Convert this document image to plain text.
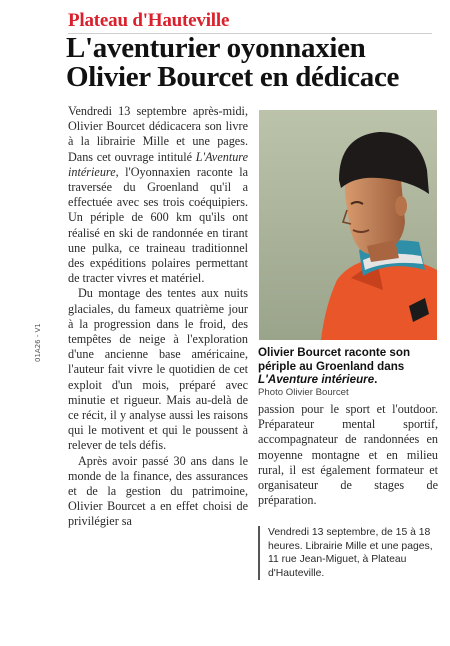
Plateau d'Hauteville
L'aventurier oyonnaxien
Olivier Bourcet en dédicace
01A26 - V1

Vendredi 13 septembre après-midi, Olivier Bourcet dédicacera son livre à la librairie Mille et une pages. Dans cet ouvrage intitulé L'Aventure intérieure, l'Oyonnaxien raconte la traversée du Groenland qu'il a effectuée avec ses trois coéquipiers. Un périple de 600 km qu'ils ont réalisé en ski de randonnée en tirant une pulka, ce traineau traditionnel des expéditions polaires permettant de tracter vivres et matériel.

Du montage des tentes aux nuits glaciales, du fameux quatrième jour à la progression dans le froid, des tempêtes de neige à l'exploration d'une ancienne base américaine, l'auteur fait vivre le quotidien de cet exploit d'un mois, préparé avec minutie et rigueur. Mais au-delà de ce récit, il y analyse aussi les raisons qui le motivent et qui le poussent à relever de tels défis.

Après avoir passé 30 ans dans le monde de la finance, des assurances et de la gestion du patrimoine, Olivier Bourcet a en effet choisi de privilégier sa

Olivier Bourcet raconte son périple au Groenland dans L'Aventure intérieure.
Photo Olivier Bourcet

passion pour le sport et l'outdoor. Préparateur mental sportif, accompagnateur de randonnées en moyenne montagne et en milieu rural, il est également formateur et organisateur de stages de préparation.

Vendredi 13 septembre, de 15 à 18 heures. Librairie Mille et une pages, 11 rue Jean-Miguet, à Plateau d'Hauteville.
